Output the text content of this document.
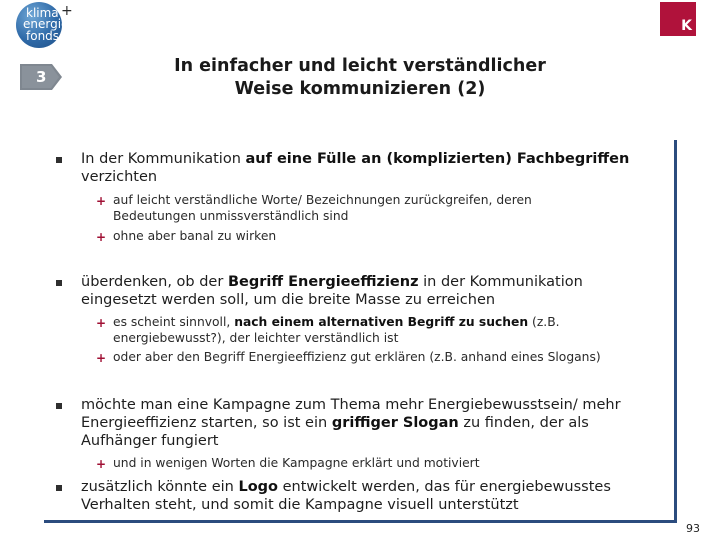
klima
energie
fonds
+
K
3
In einfacher und leicht verständlicher
Weise kommunizieren (2)
In der Kommunikation auf eine Fülle an (komplizierten) Fachbegriffen
verzichten
+ auf leicht verständliche Worte/ Bezeichnungen zurückgreifen, deren Bedeutungen unmissverständlich sind
+ ohne aber banal zu wirken
überdenken, ob der Begriff Energieeffizienz in der Kommunikation eingesetzt werden soll, um die breite Masse zu erreichen
+ es scheint sinnvoll, nach einem alternativen Begriff zu suchen (z.B. energiebewusst?), der leichter verständlich ist
+ oder aber den Begriff Energieeffizienz gut erklären (z.B. anhand eines Slogans)
möchte man eine Kampagne zum Thema mehr Energiebewusstsein/ mehr Energieeffizienz starten, so ist ein griffiger Slogan zu finden, der als Aufhänger fungiert
+ und in wenigen Worten die Kampagne erklärt und motiviert
zusätzlich könnte ein Logo entwickelt werden, das für energiebewusstes Verhalten steht, und somit die Kampagne visuell unterstützt
93
